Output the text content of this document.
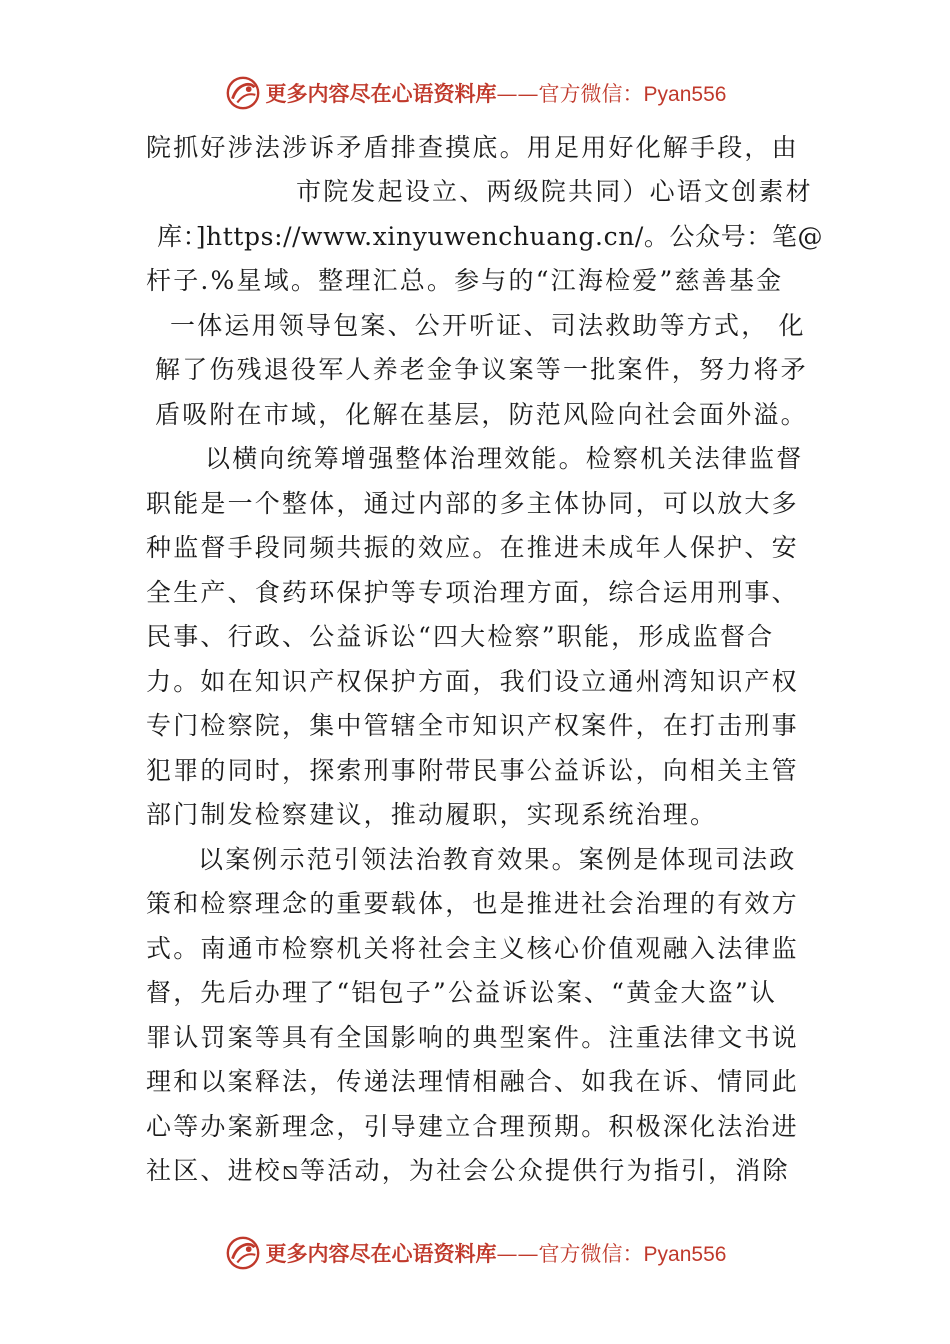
更多内容尽在心语资料库——官方微信：Pyan556
院抓好涉法涉诉矛盾排查摸底。用足用好化解手段，由
市院发起设立、两级院共同）心语文创素材
库：]https://www.xinyuwenchuang.cn/。公众号：笔@
杆子.%星域。整理汇总。参与的“江海检爱”慈善基金
一体运用领导包案、公开听证、司法救助等方式， 化
解了伤残退役军人养老金争议案等一批案件，努力将矛
盾吸附在市域，化解在基层，防范风险向社会面外溢。
以横向统筹增强整体治理效能。检察机关法律监督
职能是一个整体，通过内部的多主体协同，可以放大多
种监督手段同频共振的效应。在推进未成年人保护、安
全生产、食药环保护等专项治理方面，综合运用刑事、
民事、行政、公益诉讼“四大检察”职能，形成监督合
力。如在知识产权保护方面，我们设立通州湾知识产权
专门检察院，集中管辖全市知识产权案件，在打击刑事
犯罪的同时，探索刑事附带民事公益诉讼，向相关主管
部门制发检察建议，推动履职，实现系统治理。
以案例示范引领法治教育效果。案例是体现司法政
策和检察理念的重要载体，也是推进社会治理的有效方
式。南通市检察机关将社会主义核心价值观融入法律监
督，先后办理了“铝包子”公益诉讼案、“黄金大盗”认
罪认罚案等具有全国影响的典型案件。注重法律文书说
理和以案释法，传递法理情相融合、如我在诉、情同此
心等办案新理念，引导建立合理预期。积极深化法治进
社区、进校⧅等活动，为社会公众提供行为指引，消除
更多内容尽在心语资料库——官方微信：Pyan556
